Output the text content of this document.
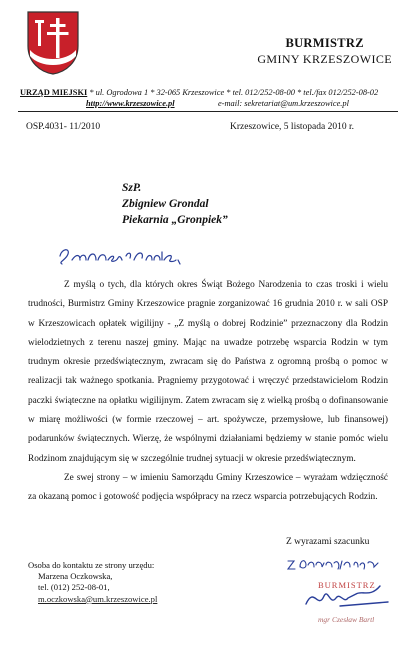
BURMISTRZ
GMINY KRZESZOWICE
URZĄD MIEJSKI * ul. Ogrodowa 1 * 32-065 Krzeszowice * tel. 012/252-08-00 * tel./fax 012/252-08-02
http://www.krzeszowice.pl	e-mail: sekretariat@um.krzeszowice.pl
OSP.4031- 11/2010	Krzeszowice, 5 listopada 2010 r.
SzP.
Zbigniew Grondal
Piekarnia „Gronpiek”

Z myślą o tych, dla których okres Świąt Bożego Narodzenia to czas troski i wielu trudności, Burmistrz Gminy Krzeszowice pragnie zorganizować 16 grudnia 2010 r. w sali OSP w Krzeszowicach opłatek wigilijny - „Z myślą o dobrej Rodzinie” przeznaczony dla Rodzin wielodzietnych z terenu naszej gminy. Mając na uwadze potrzebę wsparcia Rodzin w tym trudnym okresie przedświątecznym, zwracam się do Państwa z ogromną prośbą o pomoc w realizacji tak ważnego spotkania. Pragniemy przygotować i wręczyć przedstawicielom Rodzin paczki świąteczne na opłatku wigilijnym. Zatem zwracam się z wielką prośbą o dofinansowanie w miarę możliwości (w formie rzeczowej – art. spożywcze, przemysłowe, lub finansowej) podarunków świątecznych. Wierzę, że wspólnymi działaniami będziemy w stanie pomóc wielu Rodzinom znajdującym się w szczególnie trudnej sytuacji w okresie przedświątecznym.

Ze swej strony – w imieniu Samorządu Gminy Krzeszowice – wyrażam wdzięczność za okazaną pomoc i gotowość podjęcia współpracy na rzecz wsparcia potrzebujących Rodzin.

Z wyrazami szacunku
BURMISTRZ
mgr Czesław Bartl
Osoba do kontaktu ze strony urzędu:
Marzena Oczkowska,
tel. (012) 252-08-01,
m.oczkowska@um.krzeszowice.pl
